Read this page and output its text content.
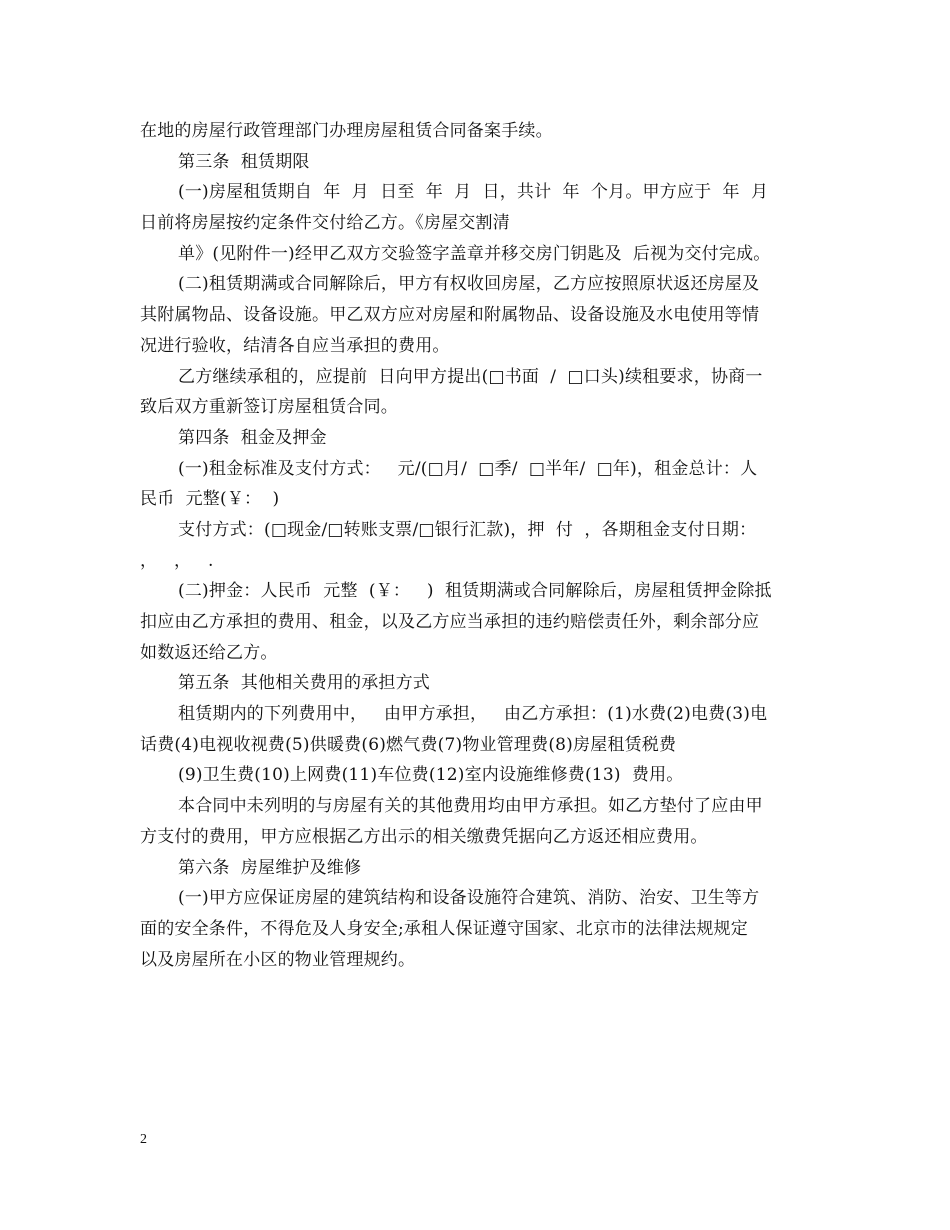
在地的房屋行政管理部门办理房屋租赁合同备案手续。
第三条  租赁期限
(一)房屋租赁期自  年  月  日至  年  月  日，共计  年  个月。甲方应于  年  月
日前将房屋按约定条件交付给乙方。《房屋交割清
单》(见附件一)经甲乙双方交验签字盖章并移交房门钥匙及  后视为交付完成。
(二)租赁期满或合同解除后，甲方有权收回房屋，乙方应按照原状返还房屋及
其附属物品、设备设施。甲乙双方应对房屋和附属物品、设备设施及水电使用等情
况进行验收，结清各自应当承担的费用。
乙方继续承租的，应提前  日向甲方提出(□书面  /  □口头)续租要求，协商一
致后双方重新签订房屋租赁合同。
第四条  租金及押金
(一)租金标准及支付方式：   元/(□月/  □季/  □半年/  □年)，租金总计：人
民币  元整(￥：  )
支付方式：(□现金/□转账支票/□银行汇款)，押  付  ，各期租金支付日期：
，   ，   .
(二)押金：人民币  元整  (￥：   )  租赁期满或合同解除后，房屋租赁押金除抵
扣应由乙方承担的费用、租金，以及乙方应当承担的违约赔偿责任外，剩余部分应
如数返还给乙方。
第五条  其他相关费用的承担方式
租赁期内的下列费用中，   由甲方承担，   由乙方承担：(1)水费(2)电费(3)电
话费(4)电视收视费(5)供暖费(6)燃气费(7)物业管理费(8)房屋租赁税费
(9)卫生费(10)上网费(11)车位费(12)室内设施维修费(13)  费用。
本合同中未列明的与房屋有关的其他费用均由甲方承担。如乙方垫付了应由甲
方支付的费用，甲方应根据乙方出示的相关缴费凭据向乙方返还相应费用。
第六条  房屋维护及维修
(一)甲方应保证房屋的建筑结构和设备设施符合建筑、消防、治安、卫生等方
面的安全条件，不得危及人身安全;承租人保证遵守国家、北京市的法律法规规定
以及房屋所在小区的物业管理规约。
2
